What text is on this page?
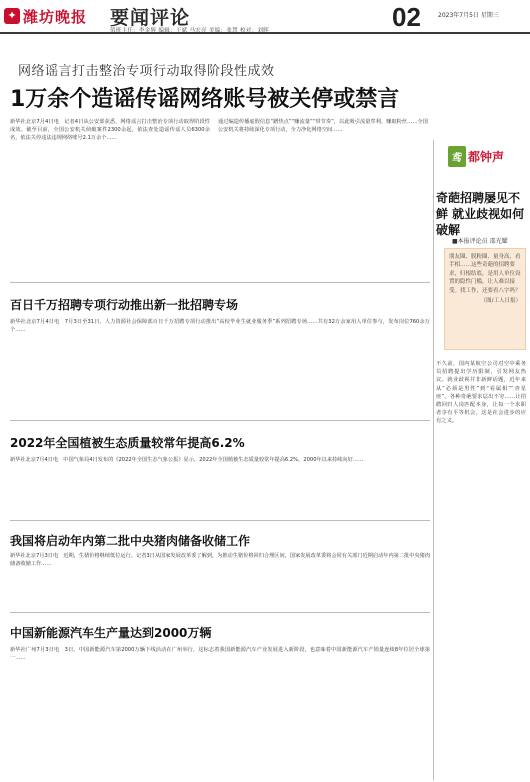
✦ 潍坊晚报 要闻评论	02	2023年7月5日 星期三
值班主任：李金辉 编辑：于斌 马宏亮 美编：张慧 校对：刘晖
网络谣言打击整治专项行动取得阶段性成效
1万余个造谣传谣网络账号被关停或禁言
新华社北京7月4日电　记者4日从公安部获悉，网络谣言打击整治专项行动取得阶段性成效。截至目前，全国公安机关侦破案件2300余起，依法查处造谣传谣人员6300余名，依法关停违法违规网络账号2.1万余个……
通过编造传播虚假信息“蹭热点”“赚流量”“带节奏”，以此吸引流量牟利，赚取粉丝……全国公安机关将持续深化专项行动，全力净化网络空间……
百日千万招聘专项行动推出新一批招聘专场
新华社北京7月4日电　7月3日至31日，人力资源社会保障部百日千万招聘专项行动推出“高校毕业生就业服务季”系列招聘专场……共有32万余家用人单位参与，发布岗位760余万个……
2022年全国植被生态质量较常年提高6.2%
新华社北京7月4日电　中国气象局4日发布的《2022年全国生态气象公报》显示，2022年全国植被生态质量较常年提高6.2%，2000年以来持续向好……
我国将启动年内第二批中央猪肉储备收储工作
新华社北京7月3日电　近期，生猪价格继续低位运行。记者3日从国家发展改革委了解到，为推动生猪价格回归合理区间，国家发展改革委将会同有关部门近期启动年内第二批中央猪肉储备收储工作……
中国新能源汽车生产量达到2000万辆
新华社广州7月3日电　3日，中国新能源汽车第2000万辆下线活动在广州举行，这标志着我国新能源汽车产业发展进入新阶段，也意味着中国新能源汽车产销量连续8年位居全球第一……
鸢 都钟声
奇葩招聘屡见不鲜 就业歧视如何破解
■本报评论员 邵光耀
朋友圈、脱粉圈、量身高、看手相……这些奇葩的招聘要求，归根结底，是用人单位设置的隐性门槛，让人难以接受。找工作，还要看八字吗？
（图/工人日报）
不久前，国内某航空公司对空中乘务员招聘提出学历限制，引发网友热议。就业歧视并非新鲜话题，近年来从“必须是男性”到“看属相”“查星座”，各种奇葩要求层出不穷……让招聘回归人岗匹配本身，让每一个求职者享有平等机会，这是社会进步的应有之义。
